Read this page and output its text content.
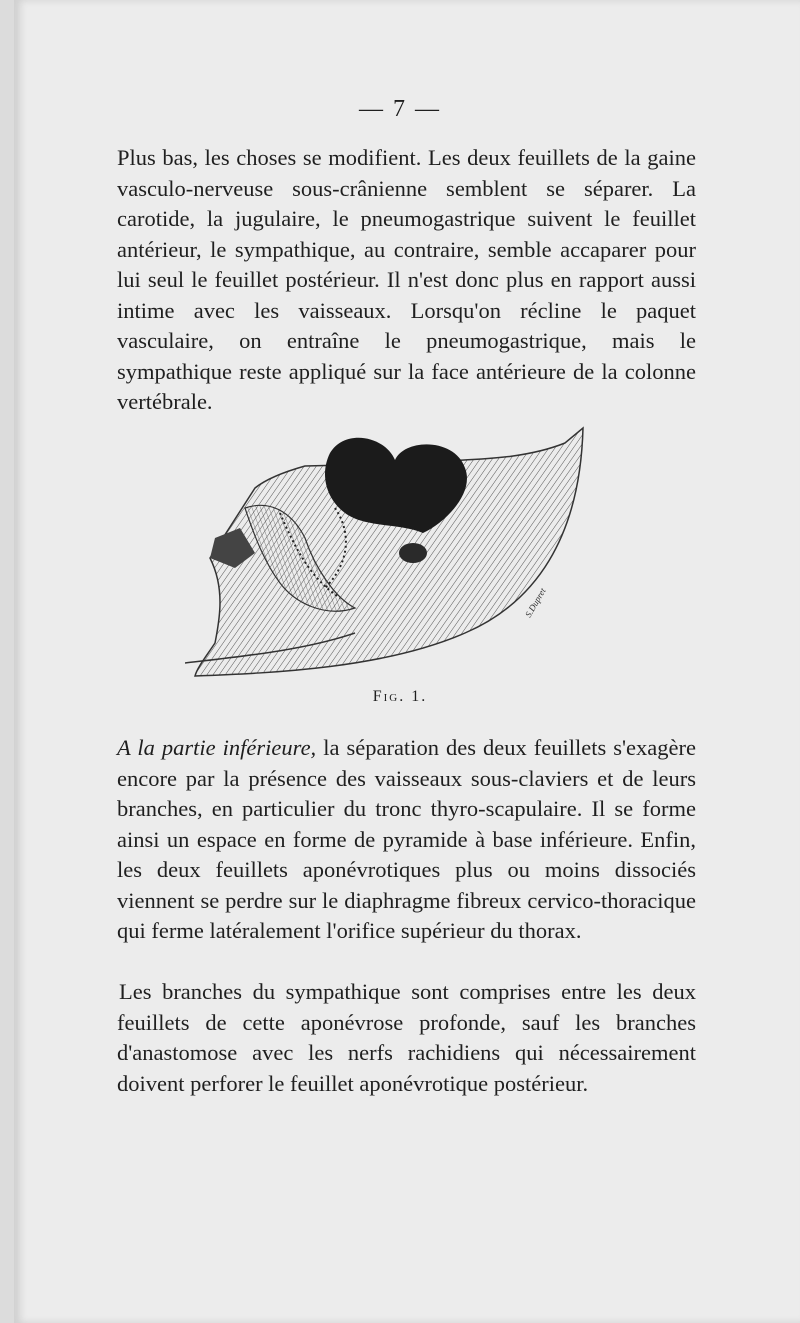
— 7 —

Plus bas, les choses se modifient. Les deux feuillets de la gaine vasculo-nerveuse sous-crânienne semblent se séparer. La carotide, la jugulaire, le pneumogastrique suivent le feuillet antérieur, le sympathique, au contraire, semble accaparer pour lui seul le feuillet postérieur. Il n'est donc plus en rapport aussi intime avec les vaisseaux. Lorsqu'on récline le paquet vasculaire, on entraîne le pneumogastrique, mais le sympathique reste appliqué sur la face antérieure de la colonne vertébrale.

S.Dupret
Fig. 1.

A la partie inférieure, la séparation des deux feuillets s'exagère encore par la présence des vaisseaux sous-claviers et de leurs branches, en particulier du tronc thyro-scapulaire. Il se forme ainsi un espace en forme de pyramide à base inférieure. Enfin, les deux feuillets aponévrotiques plus ou moins dissociés viennent se perdre sur le diaphragme fibreux cervico-thoracique qui ferme latéralement l'orifice supérieur du thorax.

Les branches du sympathique sont comprises entre les deux feuillets de cette aponévrose profonde, sauf les branches d'anastomose avec les nerfs rachidiens qui nécessairement doivent perforer le feuillet aponévrotique postérieur.
